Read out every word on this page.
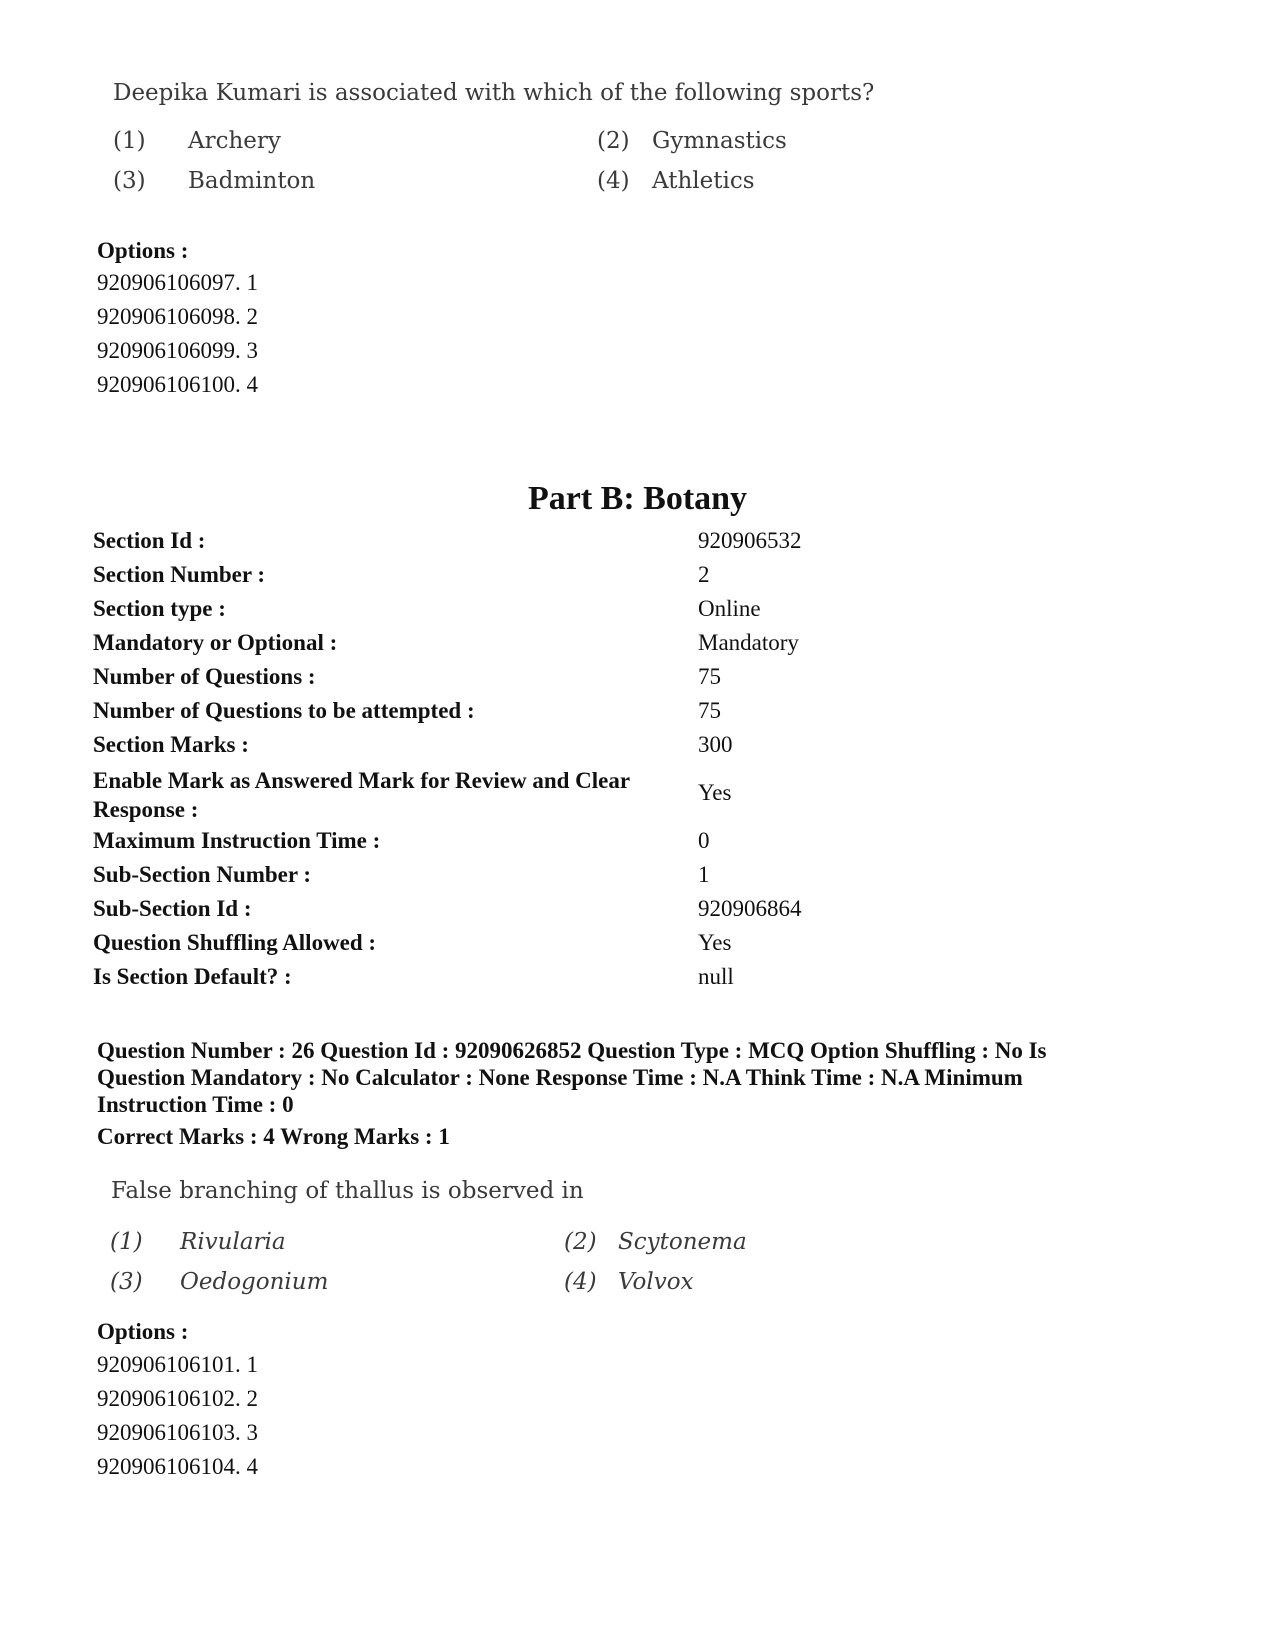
Deepika Kumari is associated with which of the following sports?
(1) Archery	(2) Gymnastics
(3) Badminton	(4) Athletics
Options :
920906106097. 1
920906106098. 2
920906106099. 3
920906106100. 4
Part B: Botany
Section Id :	920906532
Section Number :	2
Section type :	Online
Mandatory or Optional :	Mandatory
Number of Questions :	75
Number of Questions to be attempted :	75
Section Marks :	300
Enable Mark as Answered Mark for Review and Clear Response :
Yes
Maximum Instruction Time :	0
Sub-Section Number :	1
Sub-Section Id :	920906864
Question Shuffling Allowed :	Yes
Is Section Default? :	null
Question Number : 26 Question Id : 92090626852 Question Type : MCQ Option Shuffling : No Is
Question Mandatory : No Calculator : None Response Time : N.A Think Time : N.A Minimum
Instruction Time : 0
Correct Marks : 4 Wrong Marks : 1
False branching of thallus is observed in
(1) Rivularia	(2) Scytonema
(3) Oedogonium	(4) Volvox
Options :
920906106101. 1
920906106102. 2
920906106103. 3
920906106104. 4
